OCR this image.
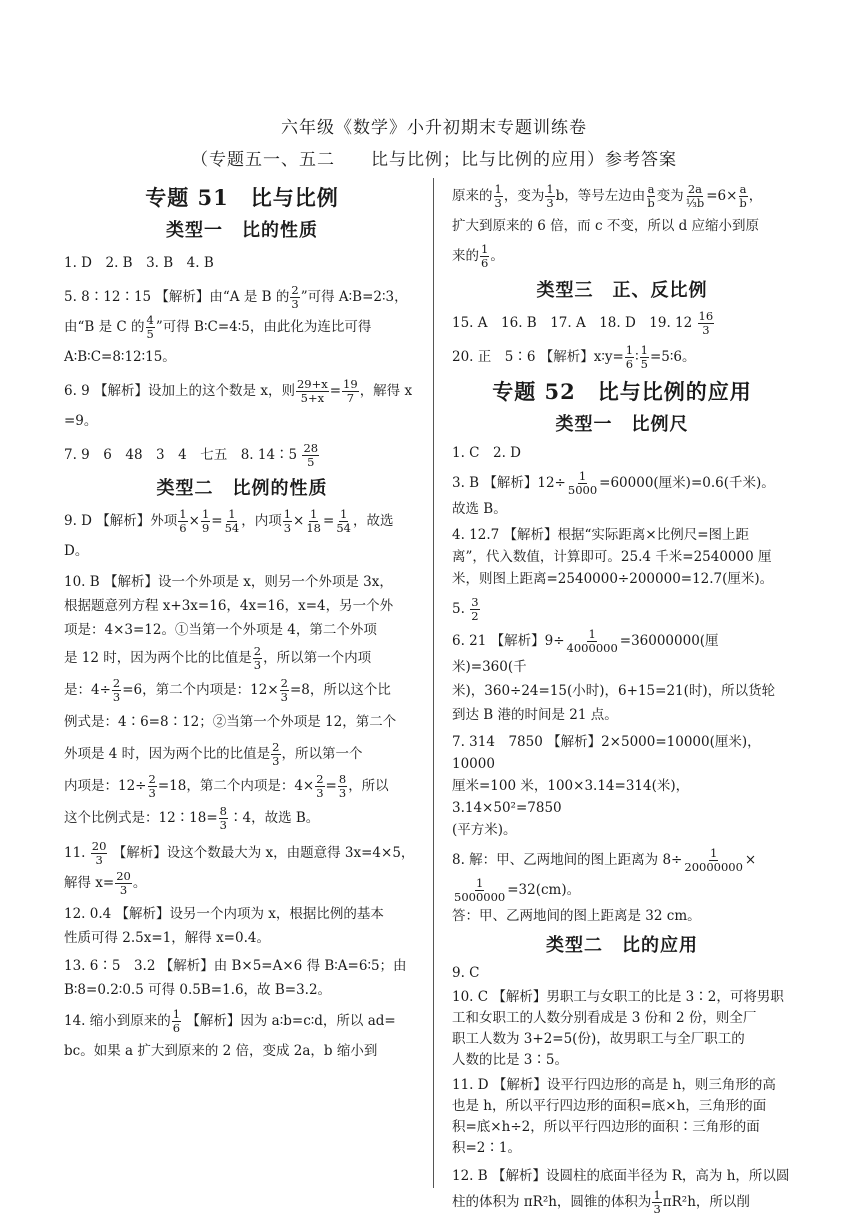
六年级《数学》小升初期末专题训练卷
（专题五一、五二　　比与比例；比与比例的应用）参考答案
专题 51　比与比例
类型一　比的性质
1. D　2. B　3. B　4. B
5. 8∶12∶15 【解析】由“A 是 B 的 $\frac{2}{3}$ ”可得 A∶B=2∶3，
由“B 是 C 的 $\frac{4}{5}$ ”可得 B∶C=4∶5，由此化为连比可得
A∶B∶C=8∶12∶15。
6. 9 【解析】设加上的这个数是 x，则 $\frac{29+x}{5+x} = \frac{19}{7}$ ，解得 x
=9。
7. 9　6　48　3　4　七五　8. 14∶5 $\frac{28}{5}$
类型二　比例的性质
9. D 【解析】外项 $\frac{1}{6} \times \frac{1}{9} = \frac{1}{54}$ ，内项 $\frac{1}{3} \times \frac{1}{18} = \frac{1}{54}$ ，故选 D。
10. B 【解析】设一个外项是 x，则另一个外项是 3x，
根据题意列方程 x+3x=16，4x=16，x=4，另一个外
项是：4×3=12。①当第一个外项是 4，第二个外项
是 12 时，因为两个比的比值是 $\frac{2}{3}$ ，所以第一个内项
是：$4\div \frac{2}{3} =6$，第二个内项是：$12\times \frac{2}{3} =8$，所以这个比
例式是：4∶6=8∶12；②当第一个外项是 12，第二个
外项是 4 时，因为两个比的比值是 $\frac{2}{3}$ ，所以第一个
内项是：$12\div \frac{2}{3} =18$，第二个内项是：$4\times \frac{2}{3} = \frac{8}{3}$ ，所以
这个比例式是：12∶18= $\frac{8}{3}$ ∶4，故选 B。
11. $\frac{20}{3}$ 【解析】设这个数最大为 x，由题意得 3x=4×5，
解得 $x= \frac{20}{3}$ 。
12. 0.4 【解析】设另一个内项为 x，根据比例的基本
性质可得 2.5x=1，解得 x=0.4。
13. 6∶5　3.2 【解析】由 B×5=A×6 得 B∶A=6∶5；由
B∶8=0.2∶0.5 可得 0.5B=1.6，故 B=3.2。
14. 缩小到原来的 $\frac{1}{6}$ 【解析】因为 a∶b=c∶d，所以 ad=
bc。如果 a 扩大到原来的 2 倍，变成 2a，b 缩小到
原来的 $\frac{1}{3}$ ，变为 $\frac{1}{3}$ b，等号左边由 $\frac{a}{b}$ 变为 $\frac{2a}{\text{⅓b}} =6\times \frac{a}{b}$ ，
扩大到原来的 6 倍，而 c 不变，所以 d 应缩小到原
来的 $\frac{1}{6}$ 。
类型三　正、反比例
15. A　16. B　17. A　18. D　19. $12 \frac{16}{3}$
20. 正　5∶6 【解析】x∶y= $\frac{1}{6}$ ∶ $\frac{1}{5}$ =5∶6。
专题 52　比与比例的应用
类型一　比例尺
1. C　2. D
3. B 【解析】$12\div \frac{1}{5000} =60000$(厘米)=0.6(千米)。
故选 B。
4. 12.7 【解析】根据“实际距离×比例尺=图上距
离”，代入数值，计算即可。25.4 千米=2540000 厘
米，则图上距离=2540000÷200000=12.7(厘米)。
5. $\frac{3}{2}$
6. 21 【解析】$9\div \frac{1}{4000000} =36000000$(厘米)=360(千
米)，360÷24=15(小时)，6+15=21(时)，所以货轮
到达 B 港的时间是 21 点。
7. 314　7850 【解析】2×5000=10000(厘米)，10000
厘米=100 米，100×3.14=314(米)，3.14×50²=7850
(平方米)。
8. 解：甲、乙两地间的图上距离为 $8\div \frac{1}{20000000}$ ×
$\frac{1}{5000000} =32(cm)$。
答：甲、乙两地间的图上距离是 32 cm。
类型二　比的应用
9. C
10. C 【解析】男职工与女职工的比是 3∶2，可将男职
工和女职工的人数分别看成是 3 份和 2 份，则全厂
职工人数为 3+2=5(份)，故男职工与全厂职工的
人数的比是 3∶5。
11. D 【解析】设平行四边形的高是 h，则三角形的高
也是 h，所以平行四边形的面积=底×h，三角形的面
积=底×h÷2，所以平行四边形的面积∶三角形的面
积=2∶1。
12. B 【解析】设圆柱的底面半径为 R，高为 h，所以圆
柱的体积为 πR²h，圆锥的体积为 $\frac{1}{3} \pi R^2h$，所以削
